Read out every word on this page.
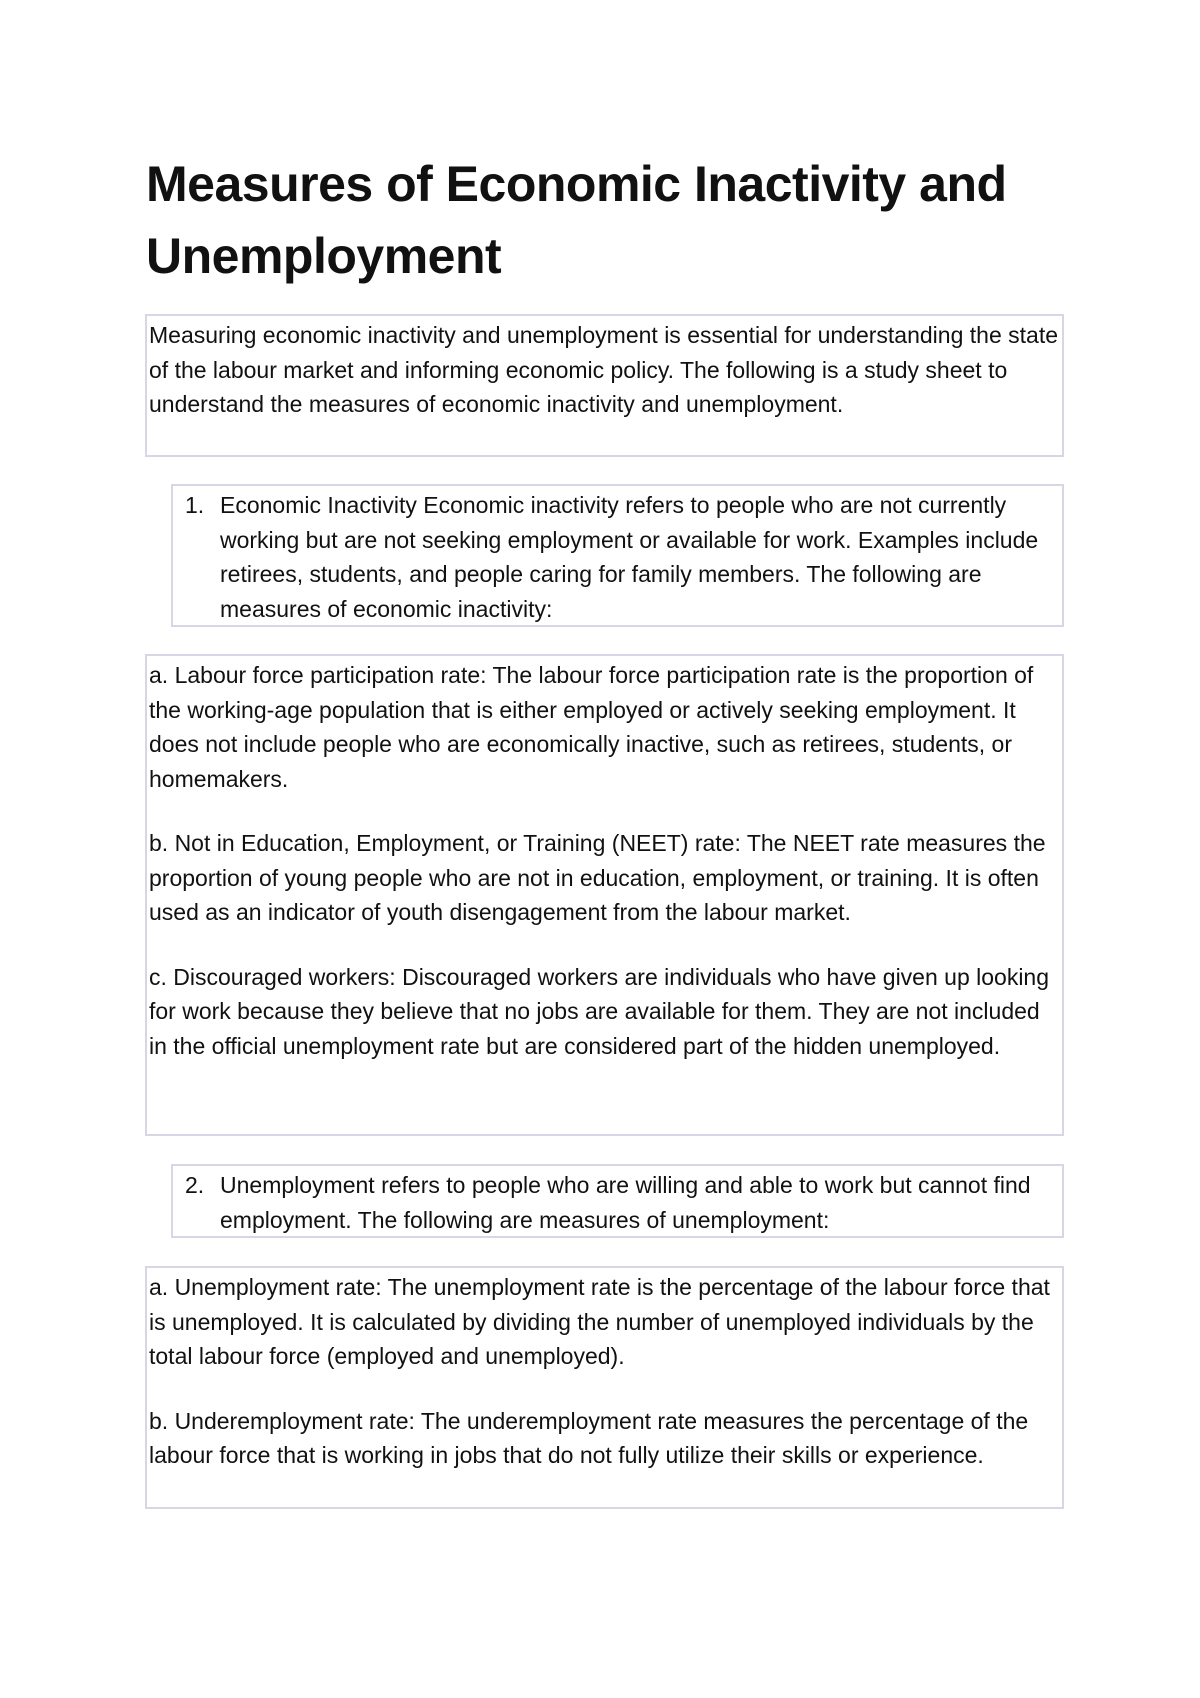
Measures of Economic Inactivity and Unemployment

Measuring economic inactivity and unemployment is essential for understanding the state of the labour market and informing economic policy. The following is a study sheet to understand the measures of economic inactivity and unemployment.

1. Economic Inactivity Economic inactivity refers to people who are not currently working but are not seeking employment or available for work. Examples include retirees, students, and people caring for family members. The following are measures of economic inactivity:

a. Labour force participation rate: The labour force participation rate is the proportion of the working-age population that is either employed or actively seeking employment. It does not include people who are economically inactive, such as retirees, students, or homemakers.

b. Not in Education, Employment, or Training (NEET) rate: The NEET rate measures the proportion of young people who are not in education, employment, or training. It is often used as an indicator of youth disengagement from the labour market.

c. Discouraged workers: Discouraged workers are individuals who have given up looking for work because they believe that no jobs are available for them. They are not included in the official unemployment rate but are considered part of the hidden unemployed.

2. Unemployment refers to people who are willing and able to work but cannot find employment. The following are measures of unemployment:

a. Unemployment rate: The unemployment rate is the percentage of the labour force that is unemployed. It is calculated by dividing the number of unemployed individuals by the total labour force (employed and unemployed).

b. Underemployment rate: The underemployment rate measures the percentage of the labour force that is working in jobs that do not fully utilize their skills or experience.
